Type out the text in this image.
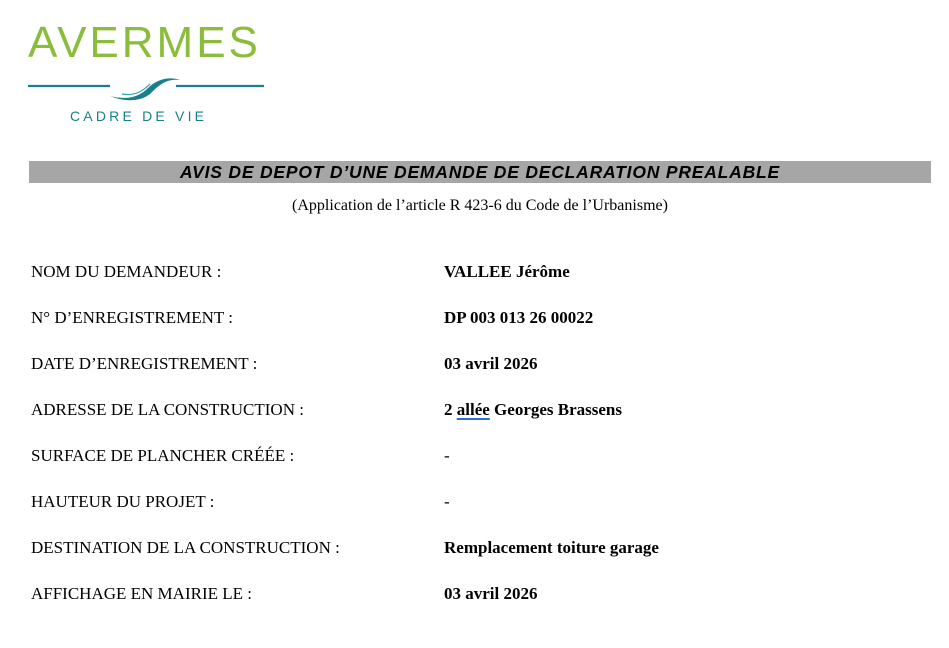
AVERMES
CADRE DE VIE
AVIS DE DEPOT D’UNE DEMANDE DE DECLARATION PREALABLE
(Application de l’article R 423-6 du Code de l’Urbanisme)
NOM DU DEMANDEUR :	VALLEE Jérôme
N° D’ENREGISTREMENT :	DP 003 013 26 00022
DATE D’ENREGISTREMENT :	03 avril 2026
ADRESSE DE LA CONSTRUCTION :	2 allée Georges Brassens
SURFACE DE PLANCHER CRÉÉE :	-
HAUTEUR DU PROJET :	-
DESTINATION DE LA CONSTRUCTION :	Remplacement toiture garage
AFFICHAGE EN MAIRIE LE :	03 avril 2026
